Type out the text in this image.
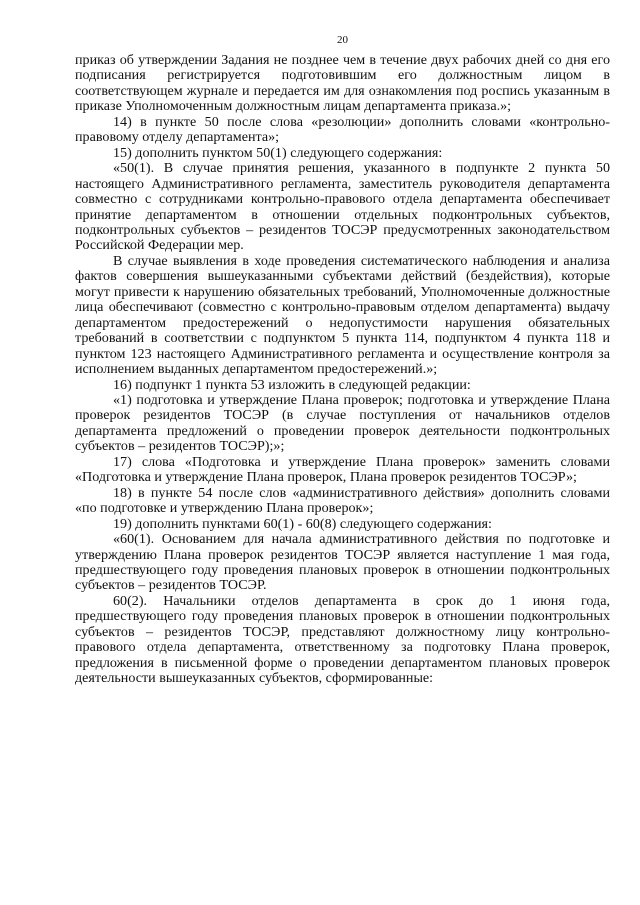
20

приказ об утверждении Задания не позднее чем в течение двух рабочих дней со дня его подписания регистрируется подготовившим его должностным лицом в соответствующем журнале и передается им для ознакомления под роспись указанным в приказе Уполномоченным должностным лицам департамента приказа.»;

14) в пункте 50 после слова «резолюции» дополнить словами «контрольно-правовому отделу департамента»;

15) дополнить пунктом 50(1) следующего содержания:

«50(1). В случае принятия решения, указанного в подпункте 2 пункта 50 настоящего Административного регламента, заместитель руководителя департамента совместно с сотрудниками контрольно-правового отдела департамента обеспечивает принятие департаментом в отношении отдельных подконтрольных субъектов, подконтрольных субъектов – резидентов ТОСЭР предусмотренных законодательством Российской Федерации мер.

В случае выявления в ходе проведения систематического наблюдения и анализа фактов совершения вышеуказанными субъектами действий (бездействия), которые могут привести к нарушению обязательных требований, Уполномоченные должностные лица обеспечивают (совместно с контрольно-правовым отделом департамента) выдачу департаментом предостережений о недопустимости нарушения обязательных требований в соответствии с подпунктом 5 пункта 114, подпунктом 4 пункта 118 и пунктом 123 настоящего Административного регламента и осуществление контроля за исполнением выданных департаментом предостережений.»;

16) подпункт 1 пункта 53 изложить в следующей редакции:

«1) подготовка и утверждение Плана проверок; подготовка и утверждение Плана проверок резидентов ТОСЭР (в случае поступления от начальников отделов департамента предложений о проведении проверок деятельности подконтрольных субъектов – резидентов ТОСЭР);»;

17) слова «Подготовка и утверждение Плана проверок» заменить словами «Подготовка и утверждение Плана проверок, Плана проверок резидентов ТОСЭР»;

18) в пункте 54 после слов «административного действия» дополнить словами «по подготовке и утверждению Плана проверок»;

19) дополнить пунктами 60(1) - 60(8) следующего содержания:

«60(1). Основанием для начала административного действия по подготовке и утверждению Плана проверок резидентов ТОСЭР является наступление 1 мая года, предшествующего году проведения плановых проверок в отношении подконтрольных субъектов – резидентов ТОСЭР.

60(2). Начальники отделов департамента в срок до 1 июня года, предшествующего году проведения плановых проверок в отношении подконтрольных субъектов – резидентов ТОСЭР, представляют должностному лицу контрольно-правового отдела департамента, ответственному за подготовку Плана проверок, предложения в письменной форме о проведении департаментом плановых проверок деятельности вышеуказанных субъектов, сформированные:
